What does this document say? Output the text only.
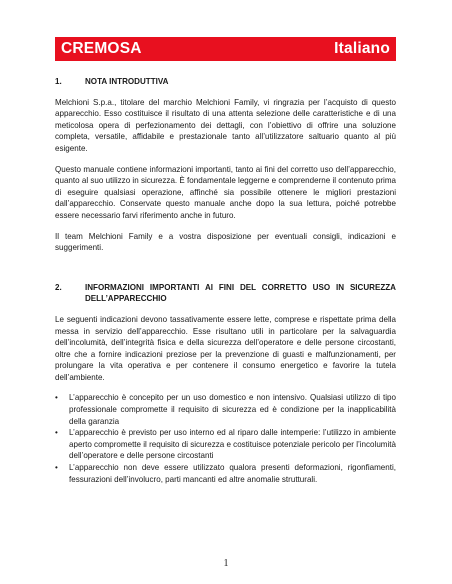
CREMOSA	Italiano
1.	NOTA INTRODUTTIVA

Melchioni S.p.a., titolare del marchio Melchioni Family, vi ringrazia per l’acquisto di questo apparecchio. Esso costituisce il risultato di una attenta selezione delle caratteristiche e di una meticolosa opera di perfezionamento dei dettagli, con l’obiettivo di offrire una soluzione completa, versatile, affidabile e prestazionale tanto all’utilizzatore saltuario quanto al più esigente.

Questo manuale contiene informazioni importanti, tanto ai fini del corretto uso dell’apparecchio, quanto al suo utilizzo in sicurezza. È fondamentale leggerne e comprenderne il contenuto prima di eseguire qualsiasi operazione, affinché sia possibile ottenere le migliori prestazioni dall’apparecchio. Conservate questo manuale anche dopo la sua lettura, poiché potrebbe essere necessario farvi riferimento anche in futuro.

Il team Melchioni Family e a vostra disposizione per eventuali consigli, indicazioni e suggerimenti.

2.	INFORMAZIONI IMPORTANTI AI FINI DEL CORRETTO USO IN SICUREZZA DELL’APPARECCHIO

Le seguenti indicazioni devono tassativamente essere lette, comprese e rispettate prima della messa in servizio dell’apparecchio. Esse risultano utili in particolare per la salvaguardia dell’incolumità, dell’integrità fisica e della sicurezza dell’operatore e delle persone circostanti, oltre che a fornire indicazioni preziose per la prevenzione di guasti e malfunzionamenti, per prolungare la vita operativa e per contenere il consumo energetico e favorire la tutela dell’ambiente.

•	L’apparecchio è concepito per un uso domestico e non intensivo. Qualsiasi utilizzo di tipo professionale compromette il requisito di sicurezza ed è condizione per la inapplicabilità della garanzia
•	L’apparecchio è previsto per uso interno ed al riparo dalle intemperie: l’utilizzo in ambiente aperto compromette il requisito di sicurezza e costituisce potenziale pericolo per l’incolumità dell’operatore e delle persone circostanti
•	L’apparecchio non deve essere utilizzato qualora presenti deformazioni, rigonfiamenti, fessurazioni dell’involucro, parti mancanti ed altre anomalie strutturali.
1
